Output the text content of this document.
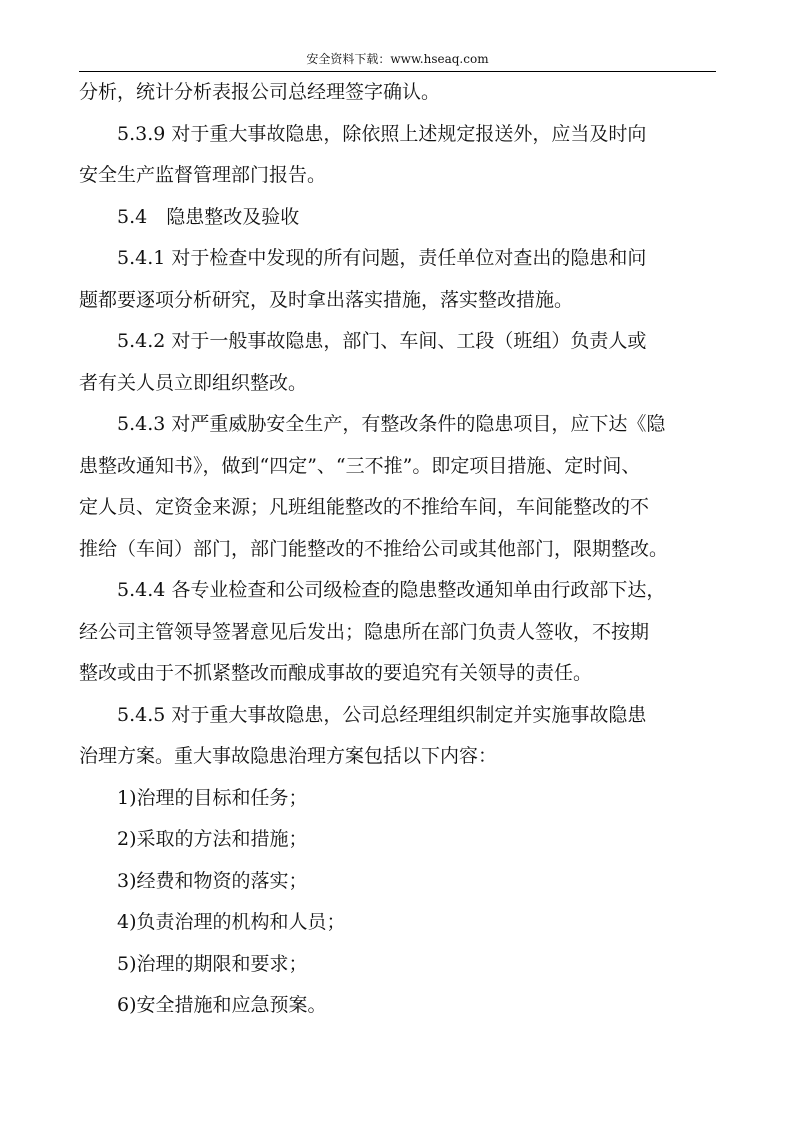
安全资料下载：www.hseaq.com
分析，统计分析表报公司总经理签字确认。
5.3.9 对于重大事故隐患，除依照上述规定报送外，应当及时向
安全生产监督管理部门报告。
5.4　隐患整改及验收
5.4.1 对于检查中发现的所有问题，责任单位对查出的隐患和问
题都要逐项分析研究，及时拿出落实措施，落实整改措施。
5.4.2 对于一般事故隐患，部门、车间、工段（班组）负责人或
者有关人员立即组织整改。
5.4.3 对严重威胁安全生产，有整改条件的隐患项目，应下达《隐
患整改通知书》，做到“四定”、“三不推”。即定项目措施、定时间、
定人员、定资金来源；凡班组能整改的不推给车间，车间能整改的不
推给（车间）部门，部门能整改的不推给公司或其他部门，限期整改。
5.4.4 各专业检查和公司级检查的隐患整改通知单由行政部下达，
经公司主管领导签署意见后发出；隐患所在部门负责人签收，不按期
整改或由于不抓紧整改而酿成事故的要追究有关领导的责任。
5.4.5 对于重大事故隐患，公司总经理组织制定并实施事故隐患
治理方案。重大事故隐患治理方案包括以下内容：
1)治理的目标和任务；
2)采取的方法和措施；
3)经费和物资的落实；
4)负责治理的机构和人员；
5)治理的期限和要求；
6)安全措施和应急预案。
